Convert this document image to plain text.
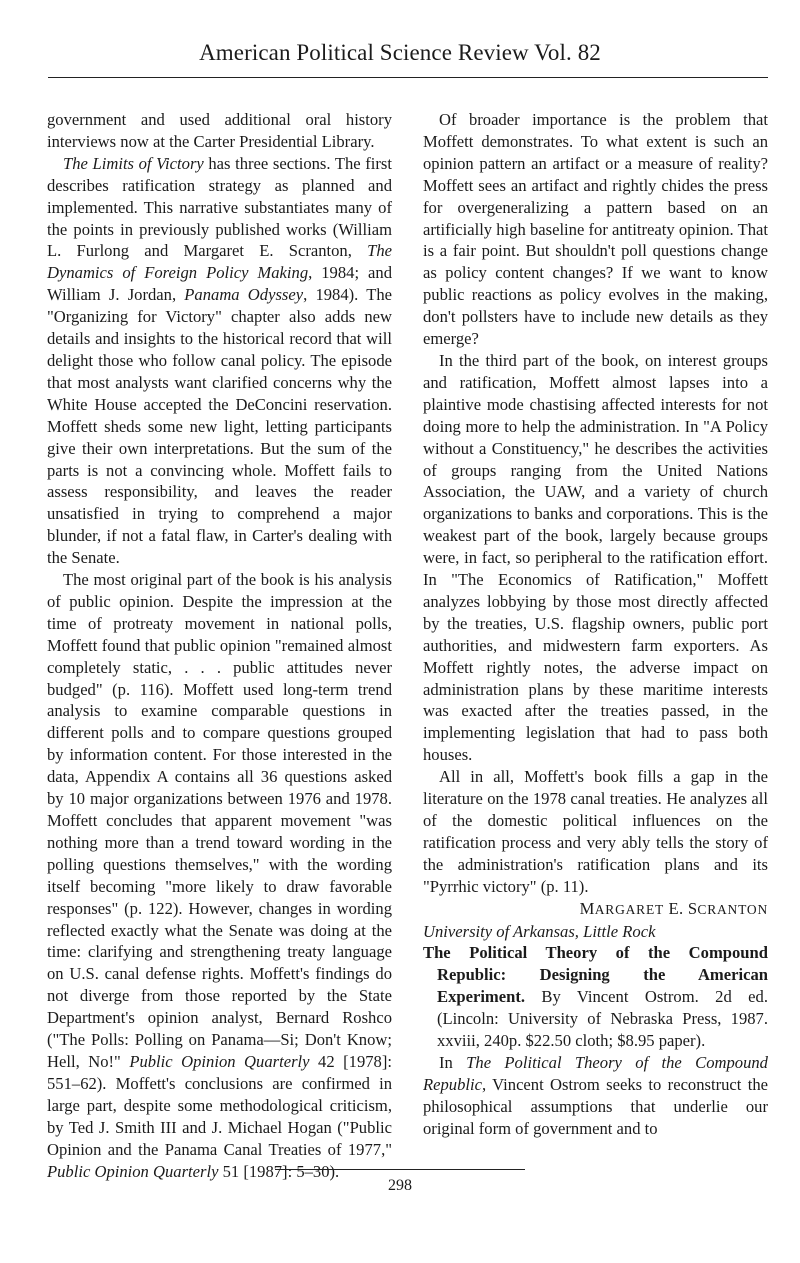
American Political Science Review Vol. 82

government and used additional oral history interviews now at the Carter Presidential Library.

The Limits of Victory has three sections. The first describes ratification strategy as planned and implemented. This narrative substantiates many of the points in previously published works (William L. Furlong and Margaret E. Scranton, The Dynamics of Foreign Policy Making, 1984; and William J. Jordan, Panama Odyssey, 1984). The "Organizing for Victory" chapter also adds new details and insights to the historical record that will delight those who follow canal policy. The episode that most analysts want clarified concerns why the White House accepted the DeConcini reservation. Moffett sheds some new light, letting participants give their own interpretations. But the sum of the parts is not a convincing whole. Moffett fails to assess responsibility, and leaves the reader unsatisfied in trying to comprehend a major blunder, if not a fatal flaw, in Carter's dealing with the Senate.

The most original part of the book is his analysis of public opinion. Despite the impression at the time of protreaty movement in national polls, Moffett found that public opinion "remained almost completely static, . . . public attitudes never budged" (p. 116). Moffett used long-term trend analysis to examine comparable questions in different polls and to compare questions grouped by information content. For those interested in the data, Appendix A contains all 36 questions asked by 10 major organizations between 1976 and 1978. Moffett concludes that apparent movement "was nothing more than a trend toward wording in the polling questions themselves," with the wording itself becoming "more likely to draw favorable responses" (p. 122). However, changes in wording reflected exactly what the Senate was doing at the time: clarifying and strengthening treaty language on U.S. canal defense rights. Moffett's findings do not diverge from those reported by the State Department's opinion analyst, Bernard Roshco ("The Polls: Polling on Panama—Si; Don't Know; Hell, No!" Public Opinion Quarterly 42 [1978]: 551–62). Moffett's conclusions are confirmed in large part, despite some methodological criticism, by Ted J. Smith III and J. Michael Hogan ("Public Opinion and the Panama Canal Treaties of 1977," Public Opinion Quarterly 51 [1987]: 5–30).

Of broader importance is the problem that Moffett demonstrates. To what extent is such an opinion pattern an artifact or a measure of reality? Moffett sees an artifact and rightly chides the press for overgeneralizing a pattern based on an artificially high baseline for antitreaty opinion. That is a fair point. But shouldn't poll questions change as policy content changes? If we want to know public reactions as policy evolves in the making, don't pollsters have to include new details as they emerge?

In the third part of the book, on interest groups and ratification, Moffett almost lapses into a plaintive mode chastising affected interests for not doing more to help the administration. In "A Policy without a Constituency," he describes the activities of groups ranging from the United Nations Association, the UAW, and a variety of church organizations to banks and corporations. This is the weakest part of the book, largely because groups were, in fact, so peripheral to the ratification effort. In "The Economics of Ratification," Moffett analyzes lobbying by those most directly affected by the treaties, U.S. flagship owners, public port authorities, and midwestern farm exporters. As Moffett rightly notes, the adverse impact on administration plans by these maritime interests was exacted after the treaties passed, in the implementing legislation that had to pass both houses.

All in all, Moffett's book fills a gap in the literature on the 1978 canal treaties. He analyzes all of the domestic political influences on the ratification process and very ably tells the story of the administration's ratification plans and its "Pyrrhic victory" (p. 11).

MARGARET E. SCRANTON

University of Arkansas, Little Rock

The Political Theory of the Compound Republic: Designing the American Experiment. By Vincent Ostrom. 2d ed. (Lincoln: University of Nebraska Press, 1987. xxviii, 240p. $22.50 cloth; $8.95 paper).

In The Political Theory of the Compound Republic, Vincent Ostrom seeks to reconstruct the philosophical assumptions that underlie our original form of government and to

298
